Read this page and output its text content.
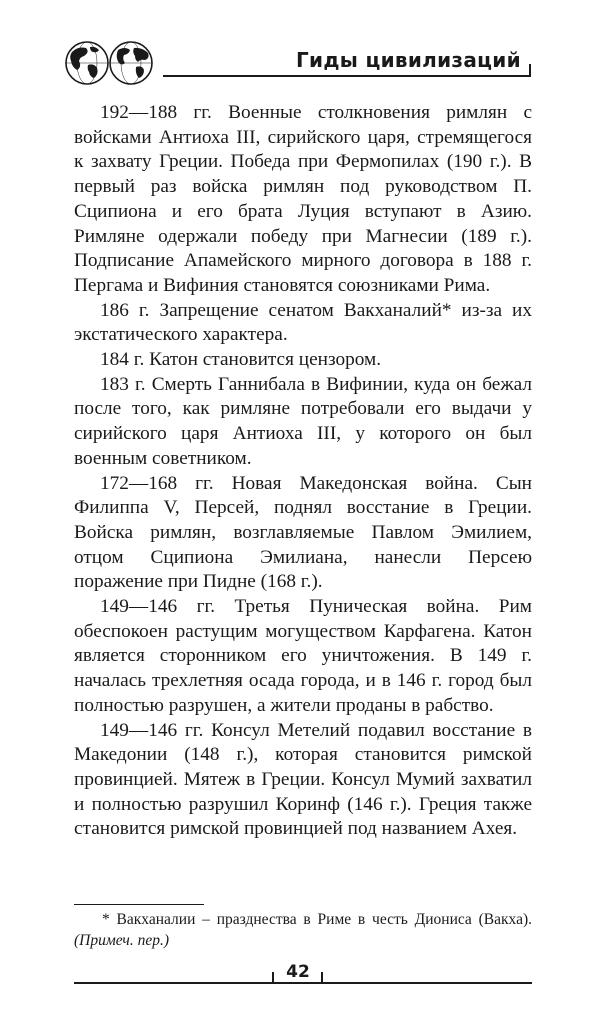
Гиды цивилизаций

192—188 гг. Военные столкновения римлян с войсками Антиоха III, сирийского царя, стремящегося к захвату Греции. Победа при Фермопилах (190 г.). В первый раз войска римлян под руководством П. Сципиона и его брата Луция вступают в Азию. Римляне одержали победу при Магнесии (189 г.). Подписание Апамейского мирного договора в 188 г. Пергама и Вифиния становятся союзниками Рима.

186 г. Запрещение сенатом Вакханалий* из-за их экстатического характера.

184 г. Катон становится цензором.

183 г. Смерть Ганнибала в Вифинии, куда он бежал после того, как римляне потребовали его выдачи у сирийского царя Антиоха III, у которого он был военным советником.

172—168 гг. Новая Македонская война. Сын Филиппа V, Персей, поднял восстание в Греции. Войска римлян, возглавляемые Павлом Эмилием, отцом Сципиона Эмилиана, нанесли Персею поражение при Пидне (168 г.).

149—146 гг. Третья Пуническая война. Рим обеспокоен растущим могуществом Карфагена. Катон является сторонником его уничтожения. В 149 г. началась трехлетняя осада города, и в 146 г. город был полностью разрушен, а жители проданы в рабство.

149—146 гг. Консул Метелий подавил восстание в Македонии (148 г.), которая становится римской провинцией. Мятеж в Греции. Консул Мумий захватил и полностью разрушил Коринф (146 г.). Греция также становится римской провинцией под названием Ахея.

* Вакханалии – празднества в Риме в честь Диониса (Вакха). (Примеч. пер.)
42
